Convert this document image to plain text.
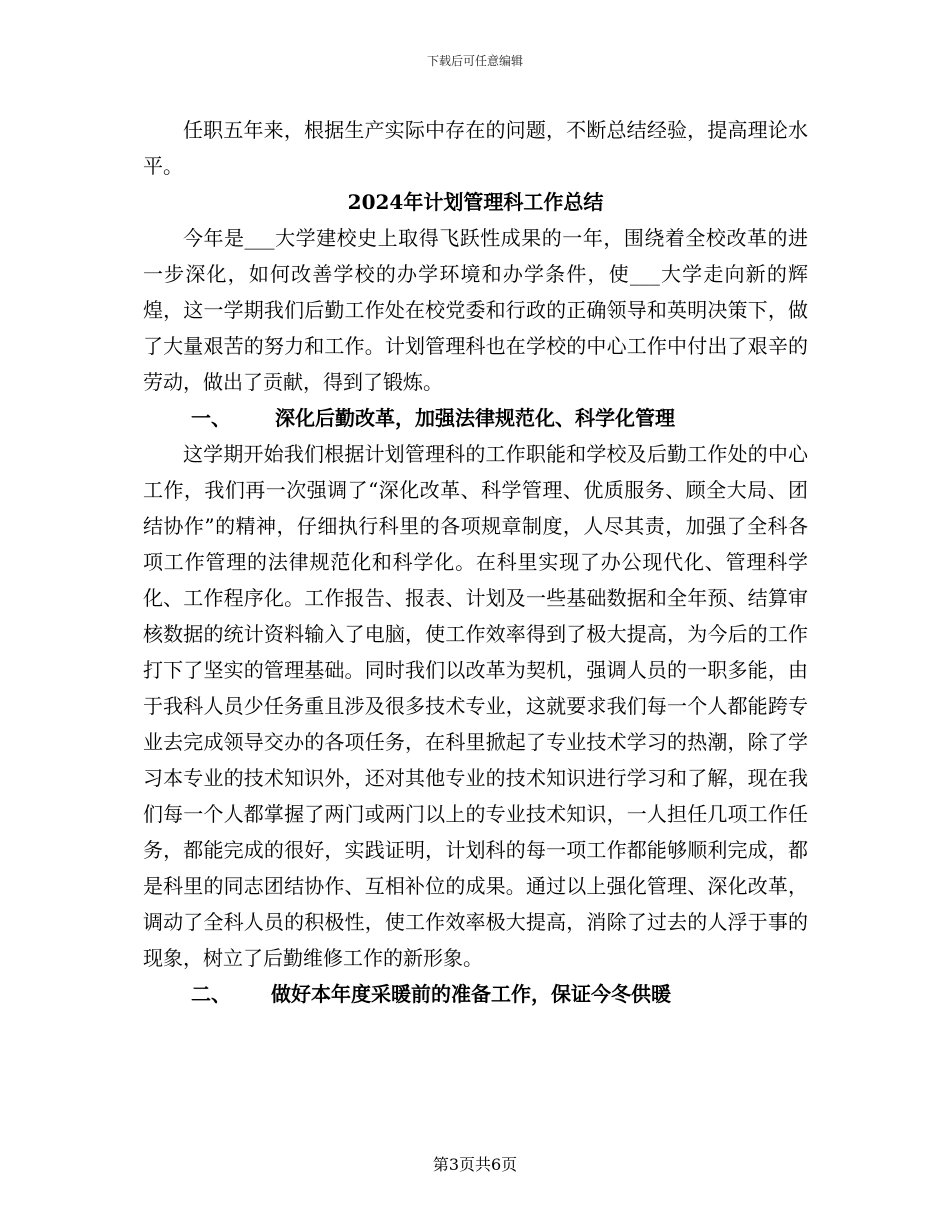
下载后可任意编辑

任职五年来，根据生产实际中存在的问题，不断总结经验，提高理论水平。

2024年计划管理科工作总结

今年是___大学建校史上取得飞跃性成果的一年，围绕着全校改革的进一步深化，如何改善学校的办学环境和办学条件，使___大学走向新的辉煌，这一学期我们后勤工作处在校党委和行政的正确领导和英明决策下，做了大量艰苦的努力和工作。计划管理科也在学校的中心工作中付出了艰辛的劳动，做出了贡献，得到了锻炼。

一、 深化后勤改革，加强法律规范化、科学化管理

这学期开始我们根据计划管理科的工作职能和学校及后勤工作处的中心工作，我们再一次强调了“深化改革、科学管理、优质服务、顾全大局、团结协作”的精神，仔细执行科里的各项规章制度，人尽其责，加强了全科各项工作管理的法律规范化和科学化。在科里实现了办公现代化、管理科学化、工作程序化。工作报告、报表、计划及一些基础数据和全年预、结算审核数据的统计资料输入了电脑，使工作效率得到了极大提高，为今后的工作打下了坚实的管理基础。同时我们以改革为契机，强调人员的一职多能，由于我科人员少任务重且涉及很多技术专业，这就要求我们每一个人都能跨专业去完成领导交办的各项任务，在科里掀起了专业技术学习的热潮，除了学习本专业的技术知识外，还对其他专业的技术知识进行学习和了解，现在我们每一个人都掌握了两门或两门以上的专业技术知识，一人担任几项工作任务，都能完成的很好，实践证明，计划科的每一项工作都能够顺利完成，都是科里的同志团结协作、互相补位的成果。通过以上强化管理、深化改革，调动了全科人员的积极性，使工作效率极大提高，消除了过去的人浮于事的现象，树立了后勤维修工作的新形象。

二、 做好本年度采暖前的准备工作，保证今冬供暖
第3页共6页
